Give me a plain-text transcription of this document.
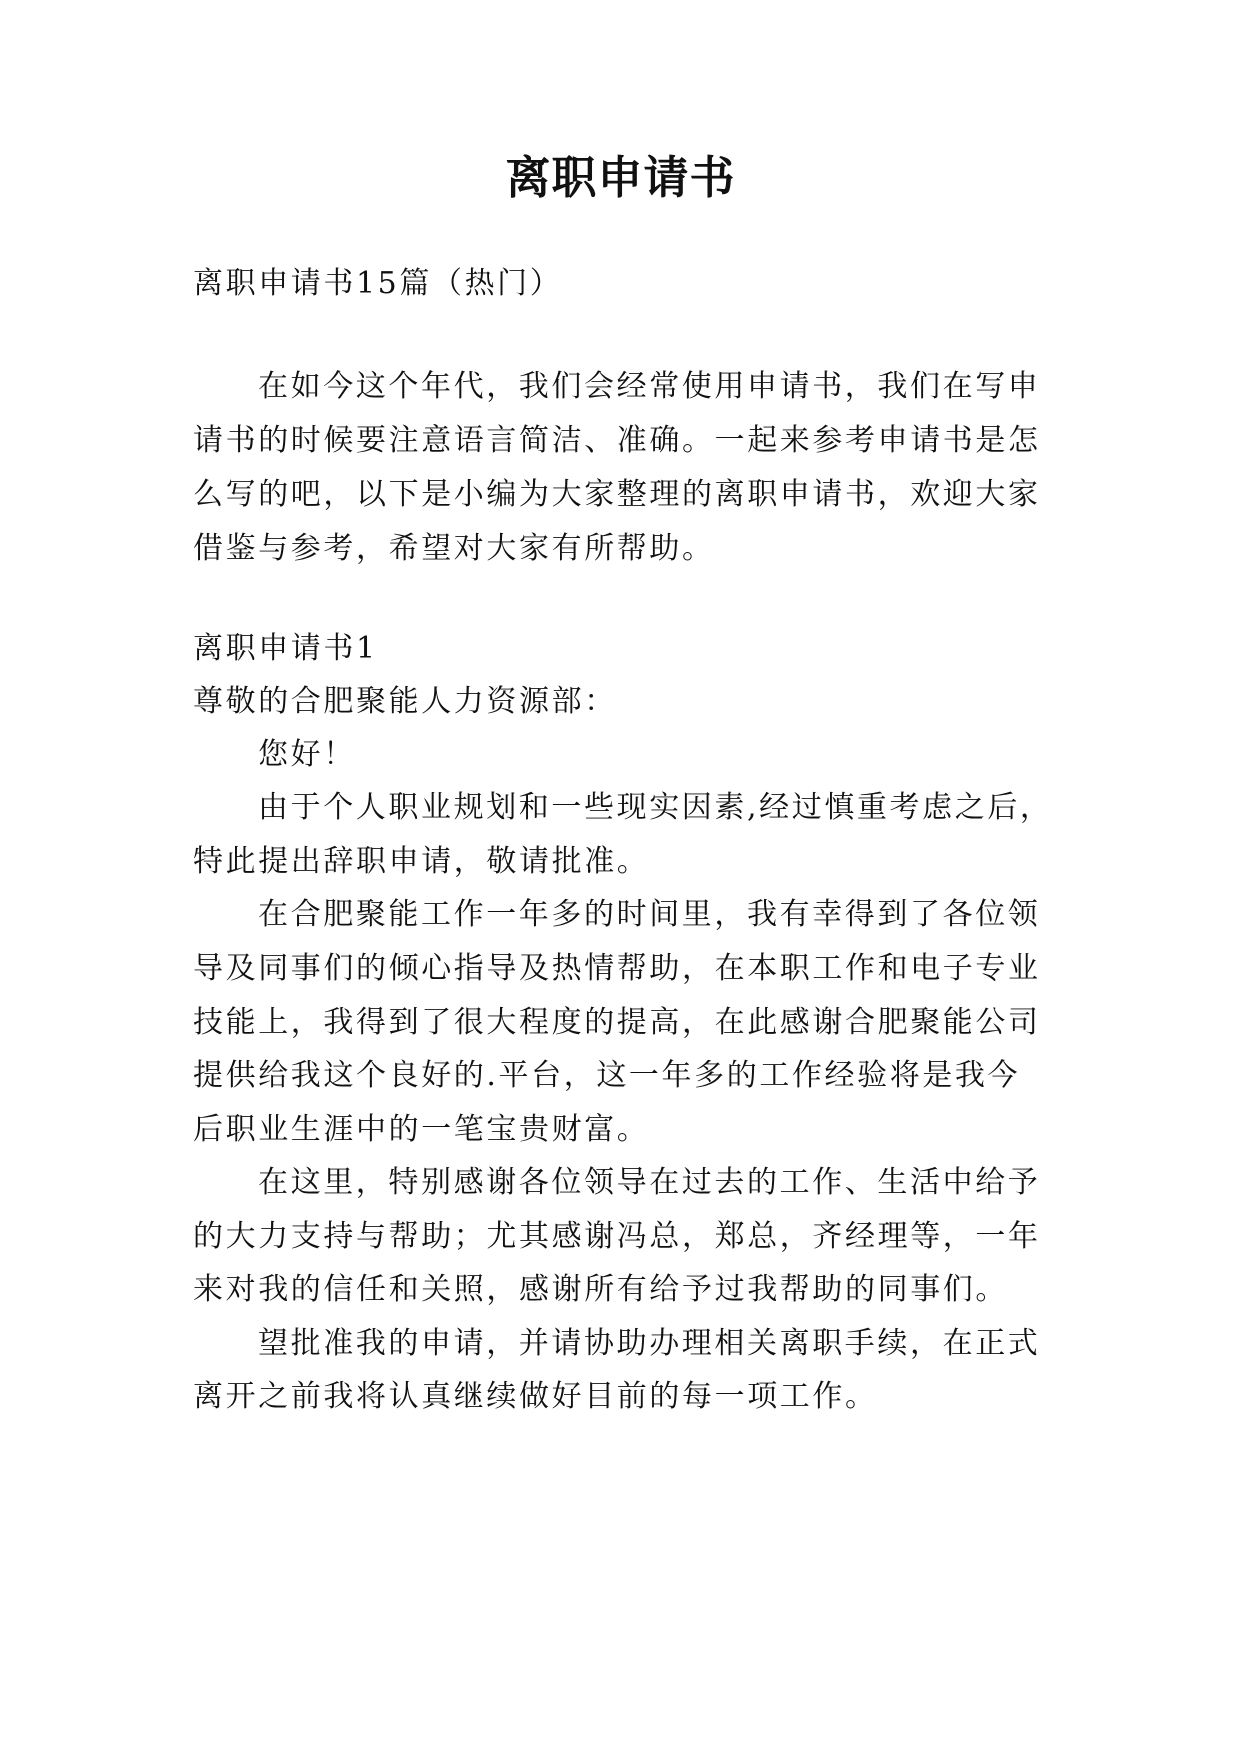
离职申请书
离职申请书15篇（热门）
在如今这个年代，我们会经常使用申请书，我们在写申
请书的时候要注意语言简洁、准确。一起来参考申请书是怎
么写的吧，以下是小编为大家整理的离职申请书，欢迎大家
借鉴与参考，希望对大家有所帮助。
离职申请书1
尊敬的合肥聚能人力资源部：
您好！
由于个人职业规划和一些现实因素,经过慎重考虑之后，
特此提出辞职申请，敬请批准。
在合肥聚能工作一年多的时间里，我有幸得到了各位领
导及同事们的倾心指导及热情帮助，在本职工作和电子专业
技能上，我得到了很大程度的提高，在此感谢合肥聚能公司
提供给我这个良好的.平台，这一年多的工作经验将是我今
后职业生涯中的一笔宝贵财富。
在这里，特别感谢各位领导在过去的工作、生活中给予
的大力支持与帮助；尤其感谢冯总，郑总，齐经理等，一年
来对我的信任和关照，感谢所有给予过我帮助的同事们。
望批准我的申请，并请协助办理相关离职手续，在正式
离开之前我将认真继续做好目前的每一项工作。
